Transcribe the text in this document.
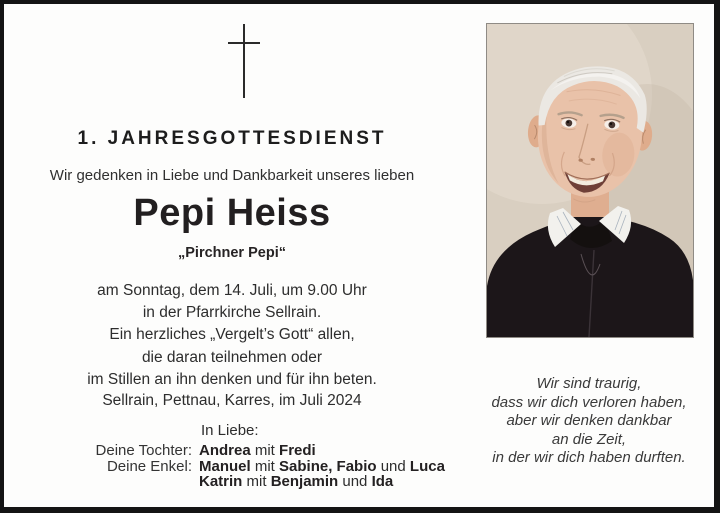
1. JAHRESGOTTESDIENST
Wir gedenken in Liebe und Dankbarkeit unseres lieben
Pepi Heiss
„Pirchner Pepi“
am Sonntag, dem 14. Juli, um 9.00 Uhr
in der Pfarrkirche Sellrain.
Ein herzliches „Vergelt’s Gott“ allen,
die daran teilnehmen oder
im Stillen an ihn denken und für ihn beten.
Sellrain, Pettnau, Karres, im Juli 2024
In Liebe:
Deine Tochter: Andrea mit Fredi
Deine Enkel: Manuel mit Sabine, Fabio und Luca
Katrin mit Benjamin und Ida
Wir sind traurig,
dass wir dich verloren haben,
aber wir denken dankbar
an die Zeit,
in der wir dich haben durften.
